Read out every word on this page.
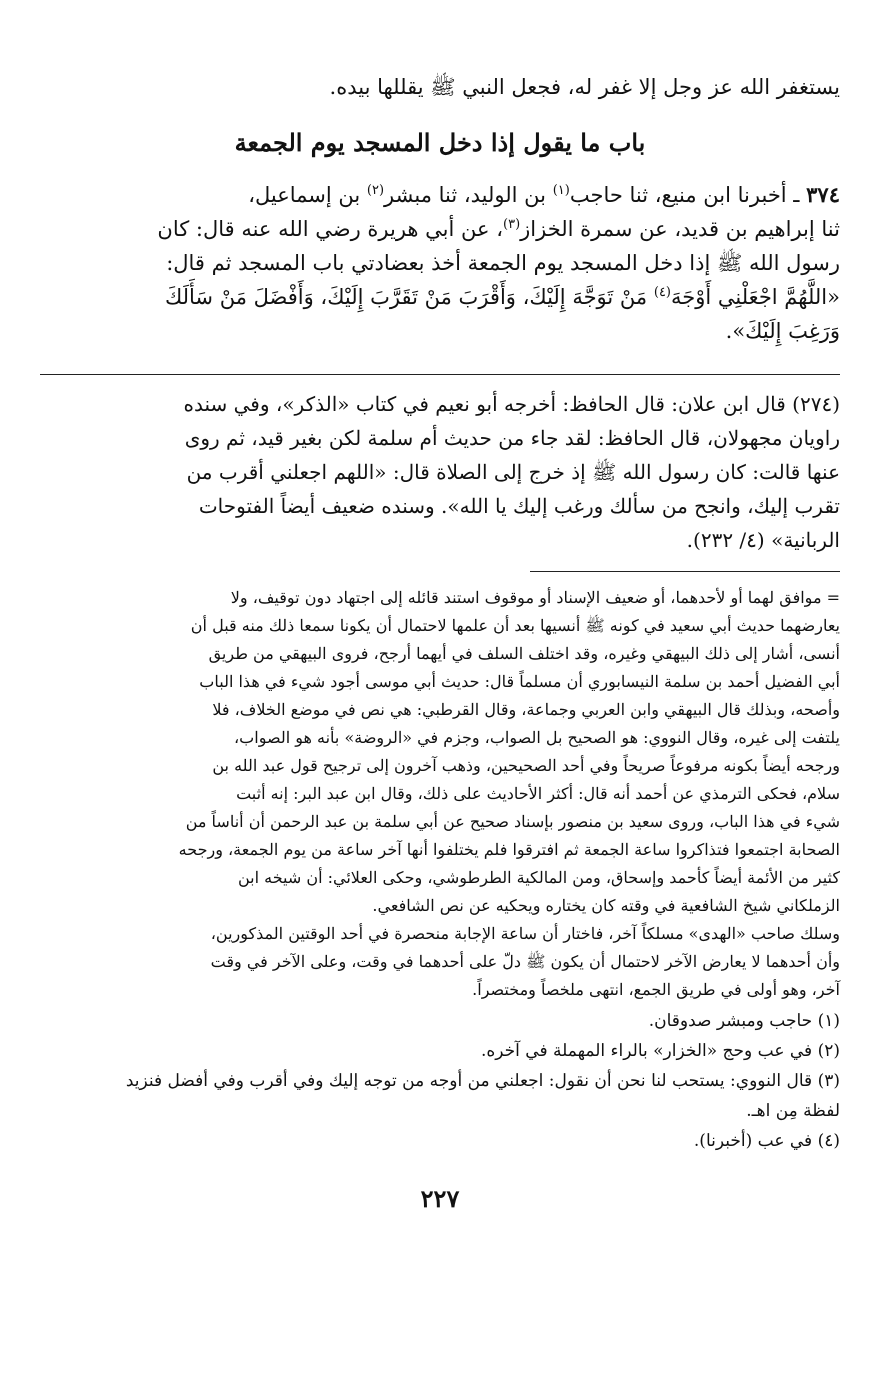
يستغفر الله عز وجل إلا غفر له، فجعل النبي ﷺ يقللها بيده.
باب ما يقول إذا دخل المسجد يوم الجمعة
٣٧٤ ـ أخبرنا ابن منيع، ثنا حاجب$^{(١)}$ بن الوليد، ثنا مبشر$^{(٢)}$ بن إسماعيل،
ثنا إبراهيم بن قديد، عن سمرة الخزاز$^{(٣)}$، عن أبي هريرة رضي الله عنه قال: كان
رسول الله ﷺ إذا دخل المسجد يوم الجمعة أخذ بعضادتي باب المسجد ثم قال:
«اللَّهُمَّ اجْعَلْنِي أَوْجَهَ$^{(٤)}$ مَنْ تَوَجَّهَ إِلَيْكَ، وَأَقْرَبَ مَنْ تَقَرَّبَ إِلَيْكَ، وَأَفْضَلَ مَنْ سَأَلَكَ
وَرَغِبَ إِلَيْكَ».
(٢٧٤) قال ابن علان: قال الحافظ: أخرجه أبو نعيم في كتاب «الذكر»، وفي سنده
راويان مجهولان، قال الحافظ: لقد جاء من حديث أم سلمة لكن بغير قيد، ثم روى
عنها قالت: كان رسول الله ﷺ إذ خرج إلى الصلاة قال: «اللهم اجعلني أقرب من
تقرب إليك، وانجح من سألك ورغب إليك يا الله». وسنده ضعيف أيضاً الفتوحات
الربانية» (٤/ ٢٣٢).
= موافق لهما أو لأحدهما، أو ضعيف الإسناد أو موقوف استند قائله إلى اجتهاد دون توقيف، ولا
يعارضهما حديث أبي سعيد في كونه ﷺ أنسيها بعد أن علمها لاحتمال أن يكونا سمعا ذلك منه قبل أن
أنسى، أشار إلى ذلك البيهقي وغيره، وقد اختلف السلف في أيهما أرجح، فروى البيهقي من طريق
أبي الفضيل أحمد بن سلمة النيسابوري أن مسلماً قال: حديث أبي موسى أجود شيء في هذا الباب
وأصحه، وبذلك قال البيهقي وابن العربي وجماعة، وقال القرطبي: هي نص في موضع الخلاف، فلا
يلتفت إلى غيره، وقال النووي: هو الصحيح بل الصواب، وجزم في «الروضة» بأنه هو الصواب،
ورجحه أيضاً بكونه مرفوعاً صريحاً وفي أحد الصحيحين، وذهب آخرون إلى ترجيح قول عبد الله بن
سلام، فحكى الترمذي عن أحمد أنه قال: أكثر الأحاديث على ذلك، وقال ابن عبد البر: إنه أثبت
شيء في هذا الباب، وروى سعيد بن منصور بإسناد صحيح عن أبي سلمة بن عبد الرحمن أن أناساً من
الصحابة اجتمعوا فتذاكروا ساعة الجمعة ثم افترقوا فلم يختلفوا أنها آخر ساعة من يوم الجمعة، ورجحه
كثير من الأئمة أيضاً كأحمد وإسحاق، ومن المالكية الطرطوشي، وحكى العلائي: أن شيخه ابن
الزملكاني شيخ الشافعية في وقته كان يختاره ويحكيه عن نص الشافعي.
وسلك صاحب «الهدى» مسلكاً آخر، فاختار أن ساعة الإجابة منحصرة في أحد الوقتين المذكورين،
وأن أحدهما لا يعارض الآخر لاحتمال أن يكون ﷺ دلّ على أحدهما في وقت، وعلى الآخر في وقت
آخر، وهو أولى في طريق الجمع، انتهى ملخصاً ومختصراً.
(١) حاجب ومبشر صدوقان.
(٢) في عب وحج «الخزار» بالراء المهملة في آخره.
(٣) قال النووي: يستحب لنا نحن أن نقول: اجعلني من أوجه من توجه إليك وفي أقرب وفي أفضل فنزيد
لفظة مِن اهـ.
(٤) في عب (أخبرنا).
٢٢٧
